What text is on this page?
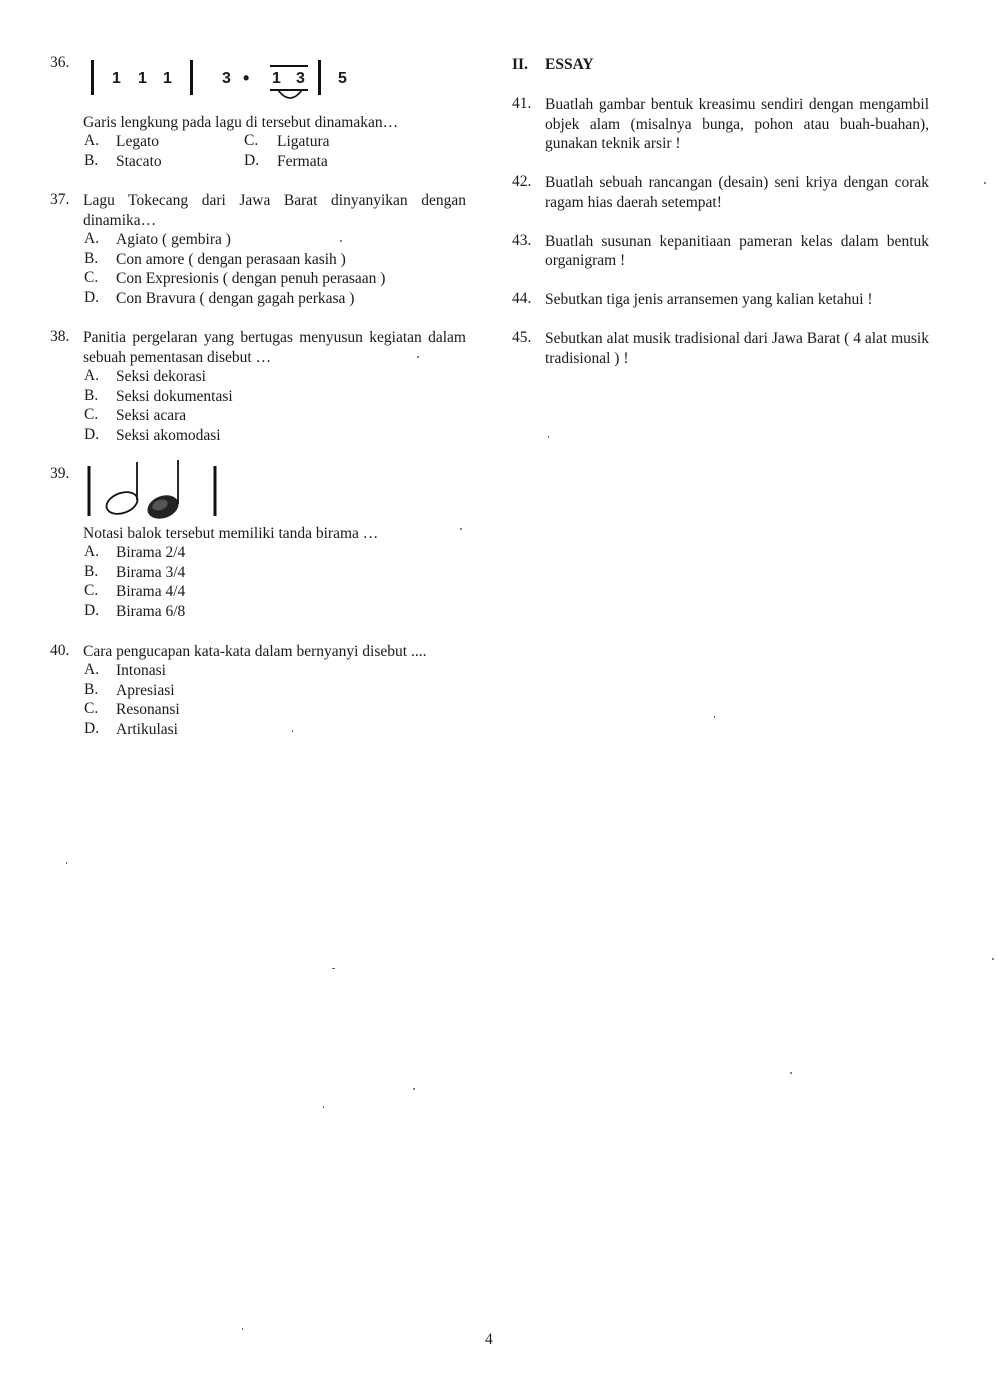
36.
1 1 1	3 • 1 3 5
Garis lengkung pada lagu di tersebut dinamakan…
A. Legato
B. Stacato
C. Ligatura
D. Fermata
37. Lagu Tokecang dari Jawa Barat dinyanyikan dengan
dinamika…
A. Agiato ( gembira )
B. Con amore ( dengan perasaan kasih )
C. Con Expresionis ( dengan penuh perasaan )
D. Con Bravura ( dengan gagah perkasa )
38. Panitia pergelaran yang bertugas menyusun kegiatan dalam
sebuah pementasan disebut …
A. Seksi dekorasi
B. Seksi dokumentasi
C. Seksi acara
D. Seksi akomodasi
39.
Notasi balok tersebut memiliki tanda birama …
A. Birama 2/4
B. Birama 3/4
C. Birama 4/4
D. Birama 6/8
40. Cara pengucapan kata-kata dalam bernyanyi disebut ....
A. Intonasi
B. Apresiasi
C. Resonansi
D. Artikulasi
II. ESSAY
41. Buatlah gambar bentuk kreasimu sendiri dengan mengambil
objek alam (misalnya bunga, pohon atau buah-buahan),
gunakan teknik arsir !
42. Buatlah sebuah rancangan (desain) seni kriya dengan corak
ragam hias daerah setempat!
43. Buatlah susunan kepanitiaan pameran kelas dalam bentuk
organigram !
44. Sebutkan tiga jenis arransemen yang kalian ketahui !
45. Sebutkan alat musik tradisional dari Jawa Barat ( 4 alat musik
tradisional ) !
4
